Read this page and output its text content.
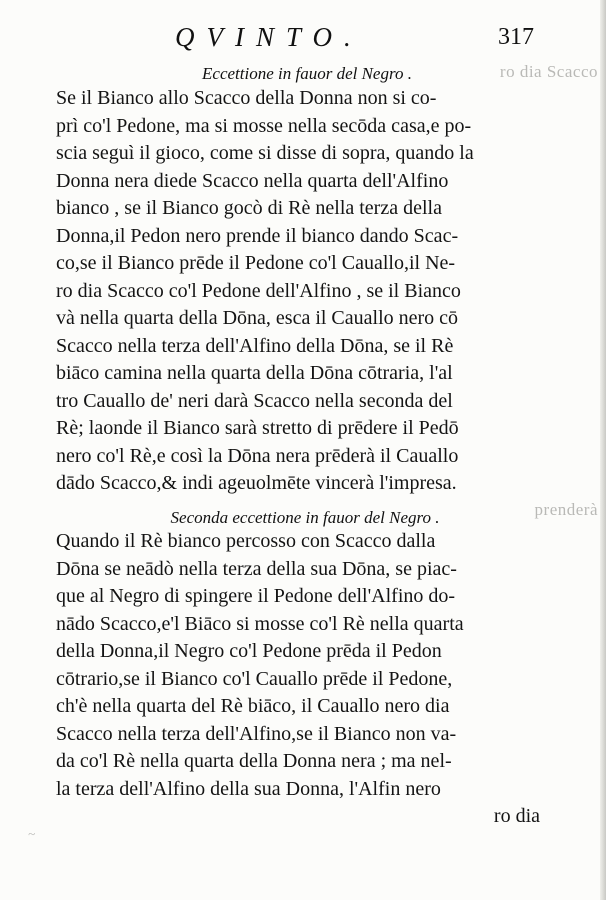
ro dia Scacco
prenderà
~
QVINTO.	317
Eccettione in fauor del Negro .
Se il Bianco allo Scacco della Donna non si co-
prì co'l Pedone, ma si mosse nella secōda casa,e po-
scia seguì il gioco, come si disse di sopra, quando la
Donna nera diede Scacco nella quarta dell'Alfino
bianco , se il Bianco gocò di Rè nella terza della
Donna,il Pedon nero prende il bianco dando Scac-
co,se il Bianco prēde il Pedone co'l Cauallo,il Ne-
ro dia Scacco co'l Pedone dell'Alfino , se il Bianco
và nella quarta della Dōna, esca il Cauallo nero cō
Scacco nella terza dell'Alfino della Dōna, se il Rè
biāco camina nella quarta della Dōna cōtraria, l'al
tro Cauallo de' neri darà Scacco nella seconda del
Rè; laonde il Bianco sarà stretto di prēdere il Pedō
nero co'l Rè,e così la Dōna nera prēderà il Cauallo
dādo Scacco,& indi ageuolmēte vincerà l'impresa.
Seconda eccettione in fauor del Negro .
Quando il Rè bianco percosso con Scacco dalla
Dōna se neādò nella terza della sua Dōna, se piac-
que al Negro di spingere il Pedone dell'Alfino do-
nādo Scacco,e'l Biāco si mosse co'l Rè nella quarta
della Donna,il Negro co'l Pedone prēda il Pedon
cōtrario,se il Bianco co'l Cauallo prēde il Pedone,
ch'è nella quarta del Rè biāco, il Cauallo nero dia
Scacco nella terza dell'Alfino,se il Bianco non va-
da co'l Rè nella quarta della Donna nera ; ma nel-
la terza dell'Alfino della sua Donna, l'Alfin nero
ro dia
